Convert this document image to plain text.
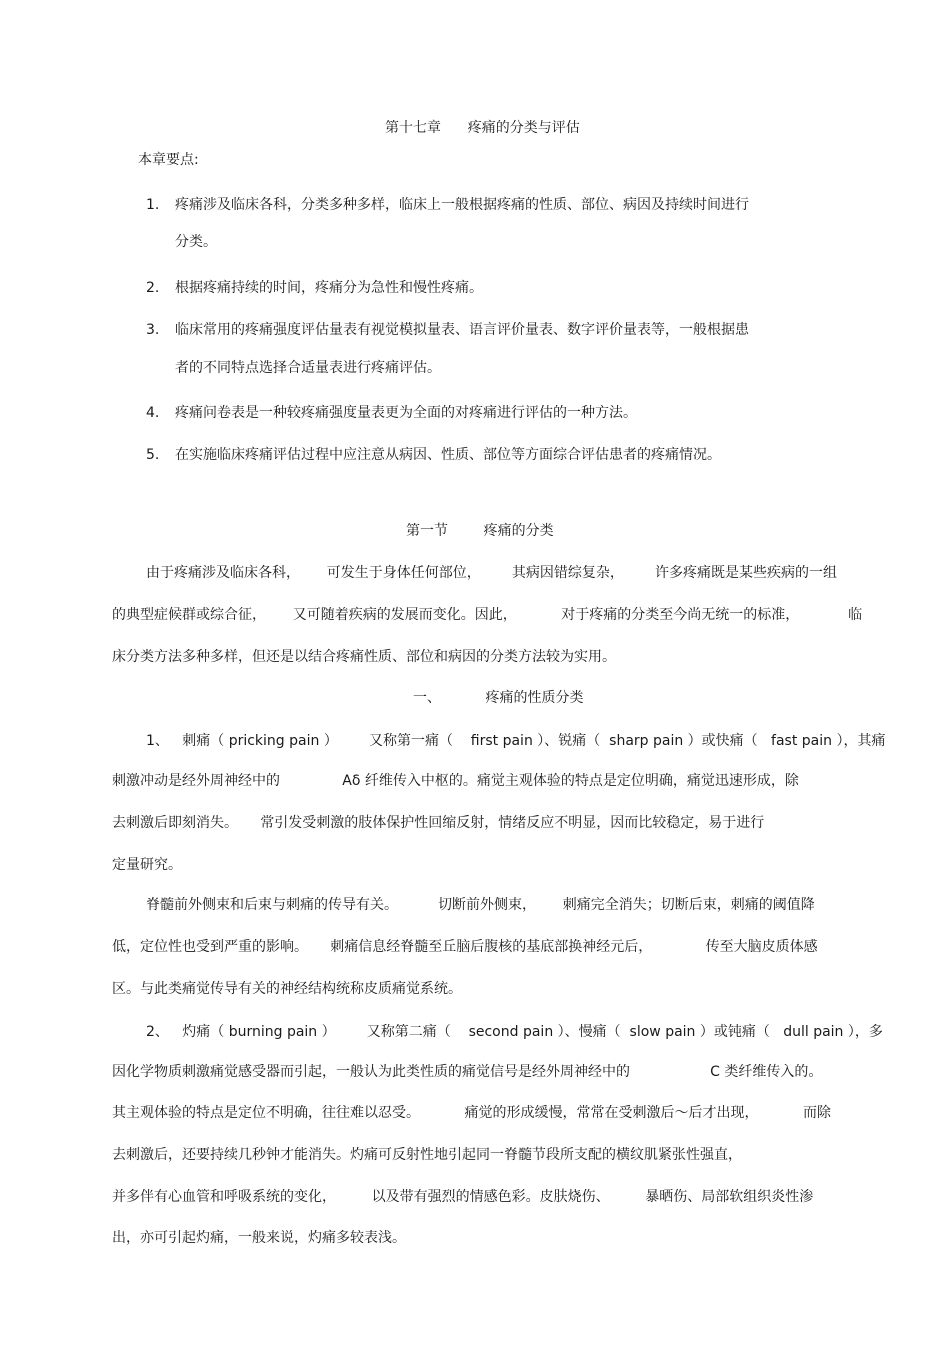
第十七章      疼痛的分类与评估
本章要点:
1. 疼痛涉及临床各科，分类多种多样，临床上一般根据疼痛的性质、部位、病因及持续时间进行
分类。
2. 根据疼痛持续的时间，疼痛分为急性和慢性疼痛。
3. 临床常用的疼痛强度评估量表有视觉模拟量表、语言评价量表、数字评价量表等，一般根据患
者的不同特点选择合适量表进行疼痛评估。
4. 疼痛问卷表是一种较疼痛强度量表更为全面的对疼痛进行评估的一种方法。
5. 在实施临床疼痛评估过程中应注意从病因、性质、部位等方面综合评估患者的疼痛情况。
第一节        疼痛的分类
由于疼痛涉及临床各科，      可发生于身体任何部位，       其病因错综复杂，       许多疼痛既是某些疾病的一组
的典型症候群或综合征，      又可随着疾病的发展而变化。因此，          对于疼痛的分类至今尚无统一的标准，           临
床分类方法多种多样，但还是以结合疼痛性质、部位和病因的分类方法较为实用。
一、          疼痛的性质分类
1、   刺痛（ pricking pain ）       又称第一痛（    first pain ）、锐痛（  sharp pain ）或快痛（   fast pain ），其痛
刺激冲动是经外周神经中的              Aδ 纤维传入中枢的。痛觉主观体验的特点是定位明确，痛觉迅速形成，除
去刺激后即刻消失。     常引发受刺激的肢体保护性回缩反射，情绪反应不明显，因而比较稳定，易于进行
定量研究。
脊髓前外侧束和后束与刺痛的传导有关。         切断前外侧束，      刺痛完全消失；切断后束，刺痛的阈值降
低，定位性也受到严重的影响。     刺痛信息经脊髓至丘脑后腹核的基底部换神经元后，            传至大脑皮质体感
区。与此类痛觉传导有关的神经结构统称皮质痛觉系统。
2、   灼痛（ burning pain ）       又称第二痛（    second pain ）、慢痛（  slow pain ）或钝痛（   dull pain ），多
因化学物质刺激痛觉感受器而引起，一般认为此类性质的痛觉信号是经外周神经中的                  C 类纤维传入的。
其主观体验的特点是定位不明确，往往难以忍受。          痛觉的形成缓慢，常常在受刺激后～后才出现，          而除
去刺激后，还要持续几秒钟才能消失。灼痛可反射性地引起同一脊髓节段所支配的横纹肌紧张性强直，
并多伴有心血管和呼吸系统的变化，        以及带有强烈的情感色彩。皮肤烧伤、        暴晒伤、局部软组织炎性渗
出，亦可引起灼痛，一般来说，灼痛多较表浅。
